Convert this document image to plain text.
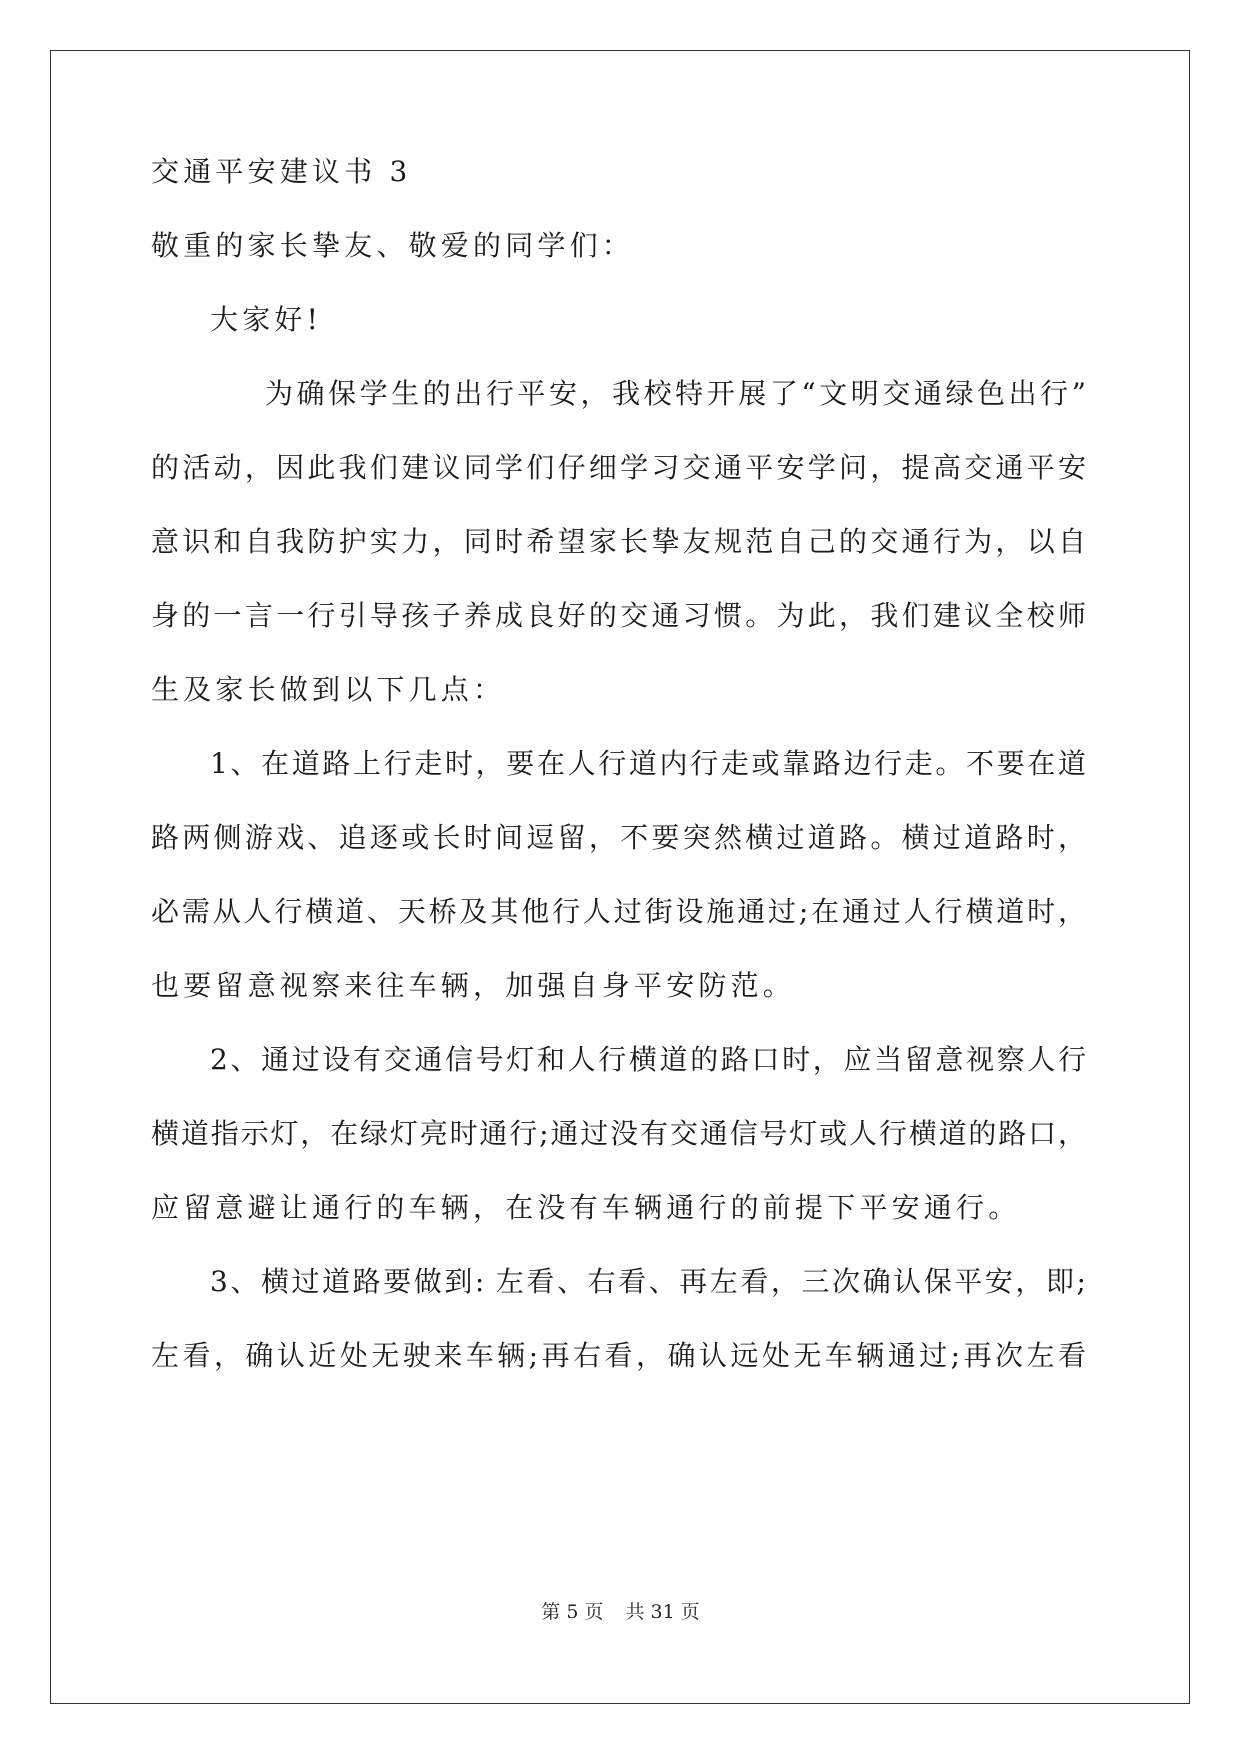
交通平安建议书 3
敬重的家长挚友、敬爱的同学们：
大家好!
为确保学生的出行平安，我校特开展了“文明交通绿色出行”
的活动，因此我们建议同学们仔细学习交通平安学问，提高交通平安
意识和自我防护实力，同时希望家长挚友规范自己的交通行为，以自
身的一言一行引导孩子养成良好的交通习惯。为此，我们建议全校师
生及家长做到以下几点：
1、在道路上行走时，要在人行道内行走或靠路边行走。不要在道
路两侧游戏、追逐或长时间逗留，不要突然横过道路。横过道路时，
必需从人行横道、天桥及其他行人过街设施通过;在通过人行横道时，
也要留意视察来往车辆，加强自身平安防范。
2、通过设有交通信号灯和人行横道的路口时，应当留意视察人行
横道指示灯，在绿灯亮时通行;通过没有交通信号灯或人行横道的路口，
应留意避让通行的车辆，在没有车辆通行的前提下平安通行。
3、横过道路要做到: 左看、右看、再左看，三次确认保平安，即;
左看，确认近处无驶来车辆;再右看，确认远处无车辆通过;再次左看
第 5 页 共 31 页
